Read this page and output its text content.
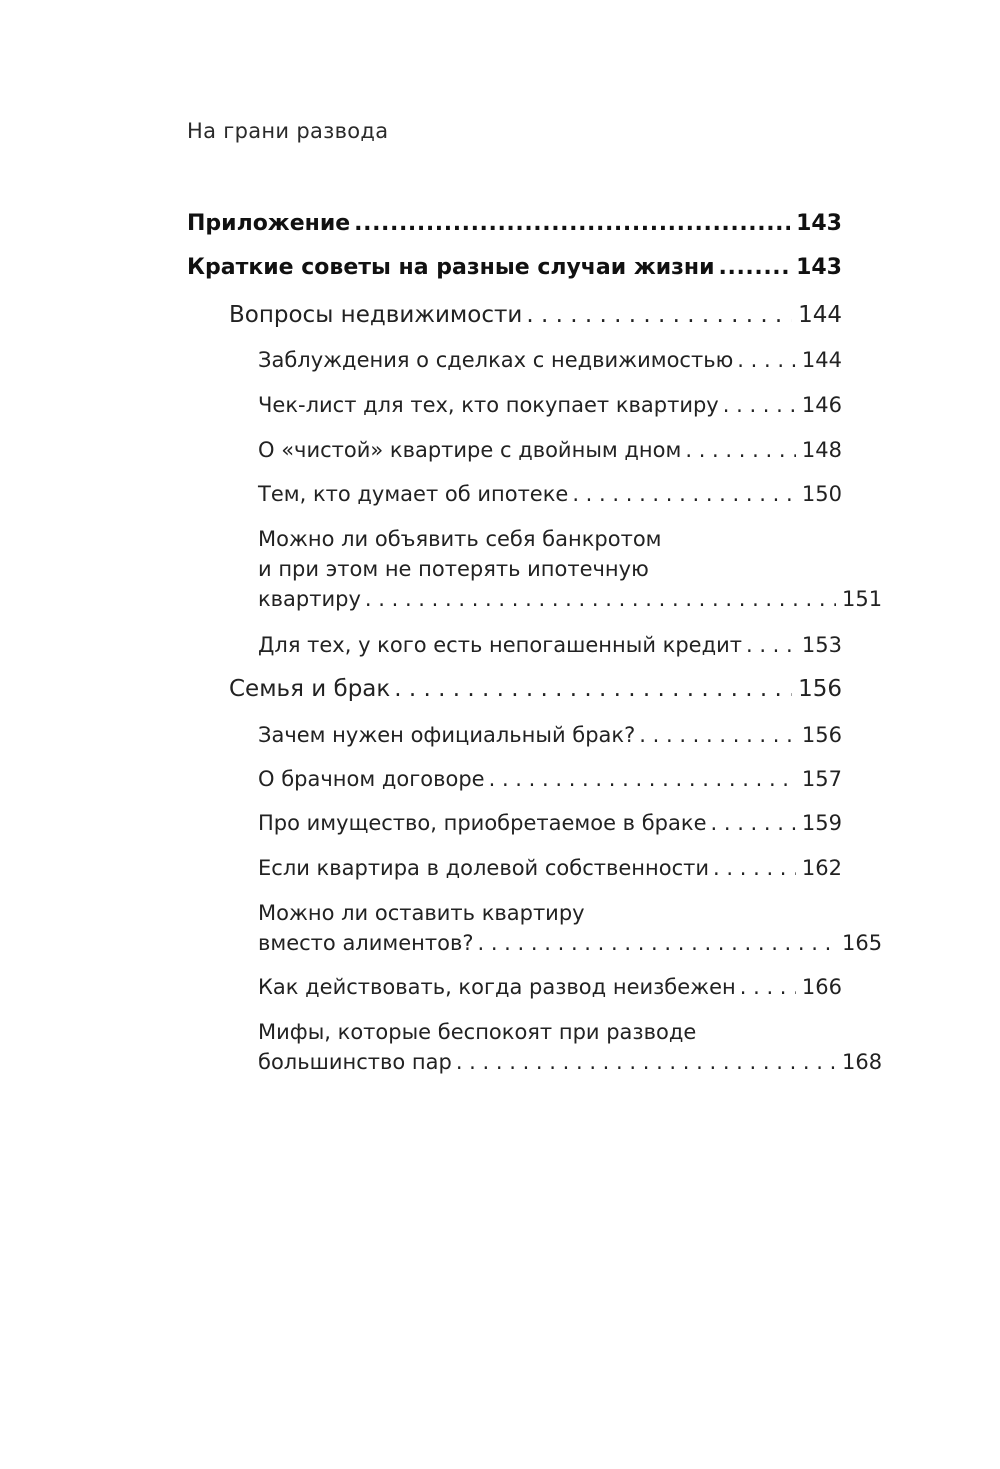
На грани развода
Приложение .....	143
Краткие советы на разные случаи жизни .....	143
Вопросы недвижимости . . .	144
Заблуждения о сделках с недвижимостью . . .	144
Чек-лист для тех, кто покупает квартиру . . .	146
О «чистой» квартире с двойным дном . . .	148
Тем, кто думает об ипотеке . . .	150
Можно ли объявить себя банкротом
и при этом не потерять ипотечную
квартиру . . .	151
Для тех, у кого есть непогашенный кредит . . .	153
Семья и брак . . .	156
Зачем нужен официальный брак? . . .	156
О брачном договоре . . .	157
Про имущество, приобретаемое в браке . . .	159
Если квартира в долевой собственности . . .	162
Можно ли оставить квартиру
вместо алиментов? . . .	165
Как действовать, когда развод неизбежен . . .	166
Мифы, которые беспокоят при разводе
большинство пар . . .	168
